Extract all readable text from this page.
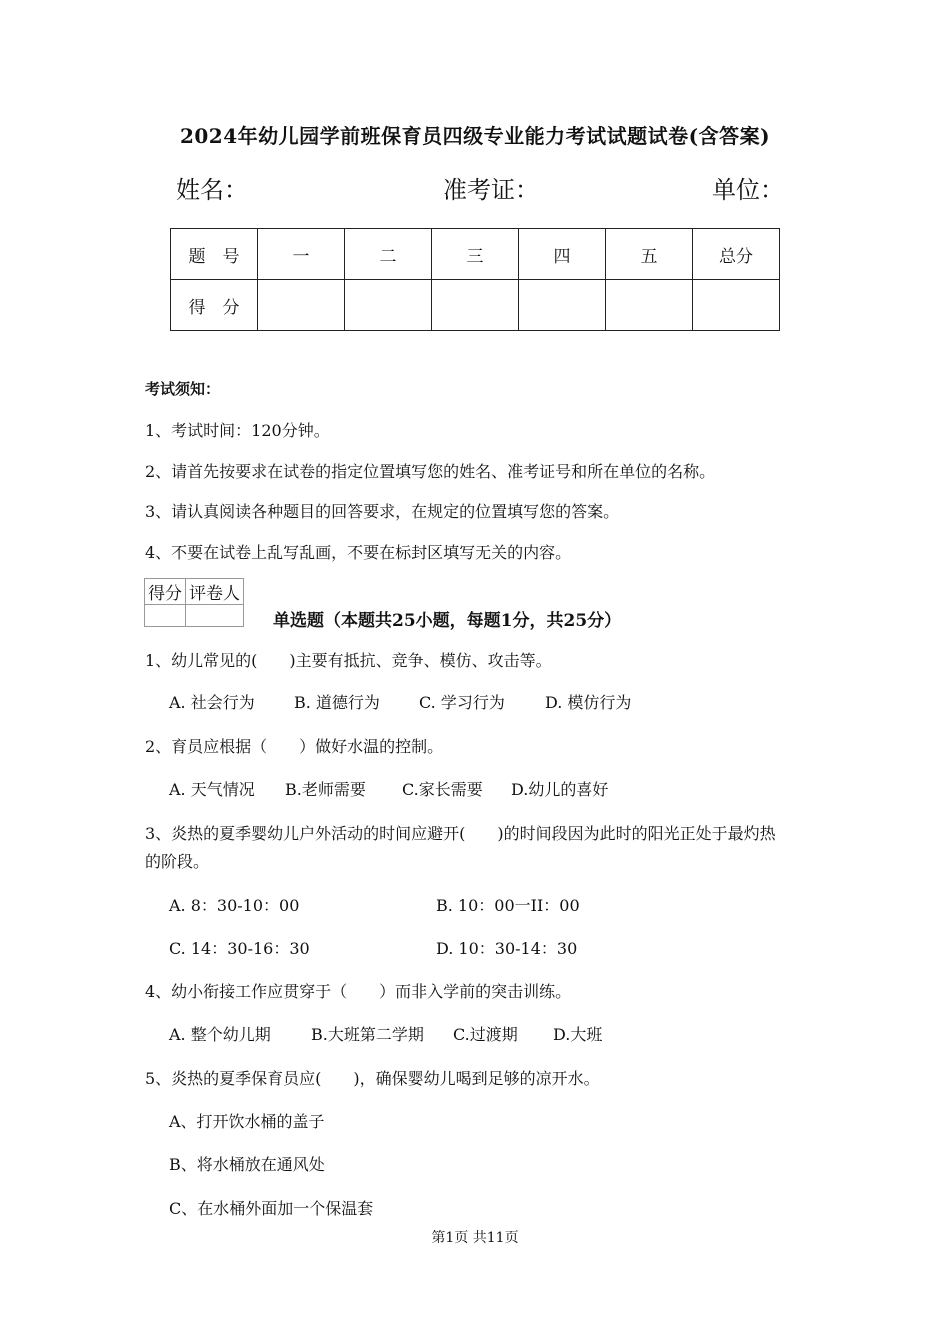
2024年幼儿园学前班保育员四级专业能力考试试题试卷(含答案)
姓名：	准考证：	单位：
题　号	一	二	三	四	五	总分
得　分						
考试须知：
1、考试时间：120分钟。
2、请首先按要求在试卷的指定位置填写您的姓名、准考证号和所在单位的名称。
3、请认真阅读各种题目的回答要求，在规定的位置填写您的答案。
4、不要在试卷上乱写乱画，不要在标封区填写无关的内容。
得分	评卷人

单选题（本题共25小题，每题1分，共25分）
1、幼儿常见的(　　)主要有抵抗、竞争、模仿、攻击等。
A. 社会行为 B. 道德行为 C. 学习行为	D. 模仿行为
2、育员应根据（　　）做好水温的控制。
A. 天气情况 B.老师需要 C.家长需要 D.幼儿的喜好
3、炎热的夏季婴幼儿户外活动的时间应避开(　　)的时间段因为此时的阳光正处于最灼热
的阶段。
A. 8：30-10：00	B. 10：00一II：00
C. 14：30-16：30	D. 10：30-14：30
4、幼小衔接工作应贯穿于（　　）而非入学前的突击训练。
A. 整个幼儿期	B.大班第二学期 C.过渡期 D.大班
5、炎热的夏季保育员应(　　)，确保婴幼儿喝到足够的凉开水。
A、打开饮水桶的盖子
B、将水桶放在通风处
C、在水桶外面加一个保温套
第1页 共11页
